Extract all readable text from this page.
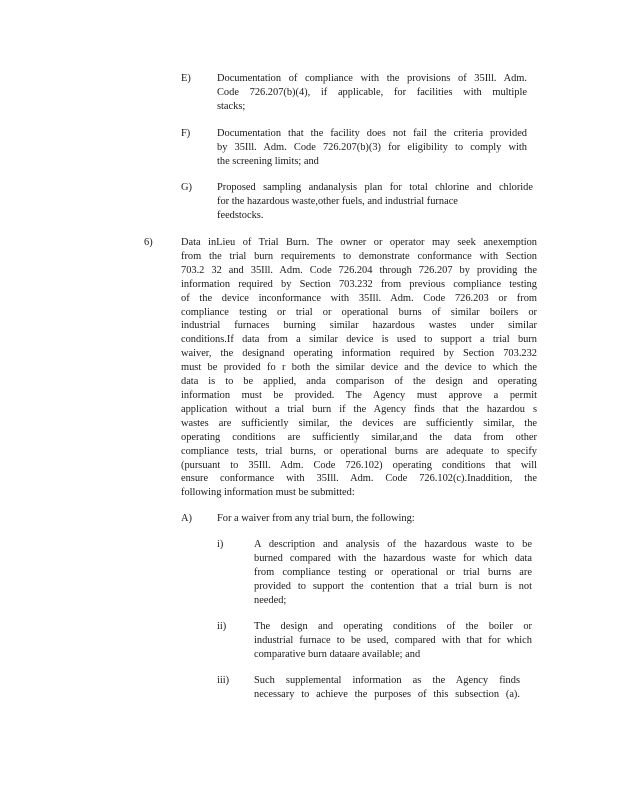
E)	Documentation of compliance with the provisions of 35Ill. Adm.
Code 726.207(b)(4), if applicable, for facilities with multiple
stacks;
F)	Documentation that the facility does not fail the criteria provided
by 35Ill. Adm. Code 726.207(b)(3) for eligibility to comply with
the screening limits; and
G) Proposed sampling andanalysis plan for total chlorine and chloride
for the hazardous waste,other fuels, and industrial furnace
feedstocks.
6)	Data inLieu of Trial Burn. The owner or operator may seek anexemption
from the trial burn requirements to demonstrate conformance with Section
703.2 32 and 35Ill. Adm. Code 726.204 through 726.207 by providing the
information required by Section 703.232 from previous compliance testing
of the device inconformance with 35Ill. Adm. Code 726.203 or from
compliance testing or trial or operational burns of similar boilers or
industrial furnaces burning similar hazardous wastes under similar
conditions.If data from a similar device is used to support a trial burn
waiver, the designand operating information required by Section 703.232
must be provided fo r both the similar device and the device to which the
data is to be applied, anda comparison of the design and operating
information must be provided. The Agency must approve a permit
application without a trial burn if the Agency finds that the hazardou s
wastes are sufficiently similar, the devices are sufficiently similar, the
operating conditions are sufficiently similar,and the data from other
compliance tests, trial burns, or operational burns are adequate to specify
(pursuant to 35Ill. Adm. Code 726.102) operating conditions that will
ensure conformance with 35Ill. Adm. Code 726.102(c).Inaddition, the
following information must be submitted:
A) For a waiver from any trial burn, the following:
i)	A description and analysis of the hazardous waste to be
burned compared with the hazardous waste for which data
from compliance testing or operational or trial burns are
provided to support the contention that a trial burn is not
needed;
ii)	The design and operating conditions of the boiler or
industrial furnace to be used, compared with that for which
comparative burn dataare available; and
iii) Such supplemental information as the Agency finds
necessary to achieve the purposes of this subsection (a).
